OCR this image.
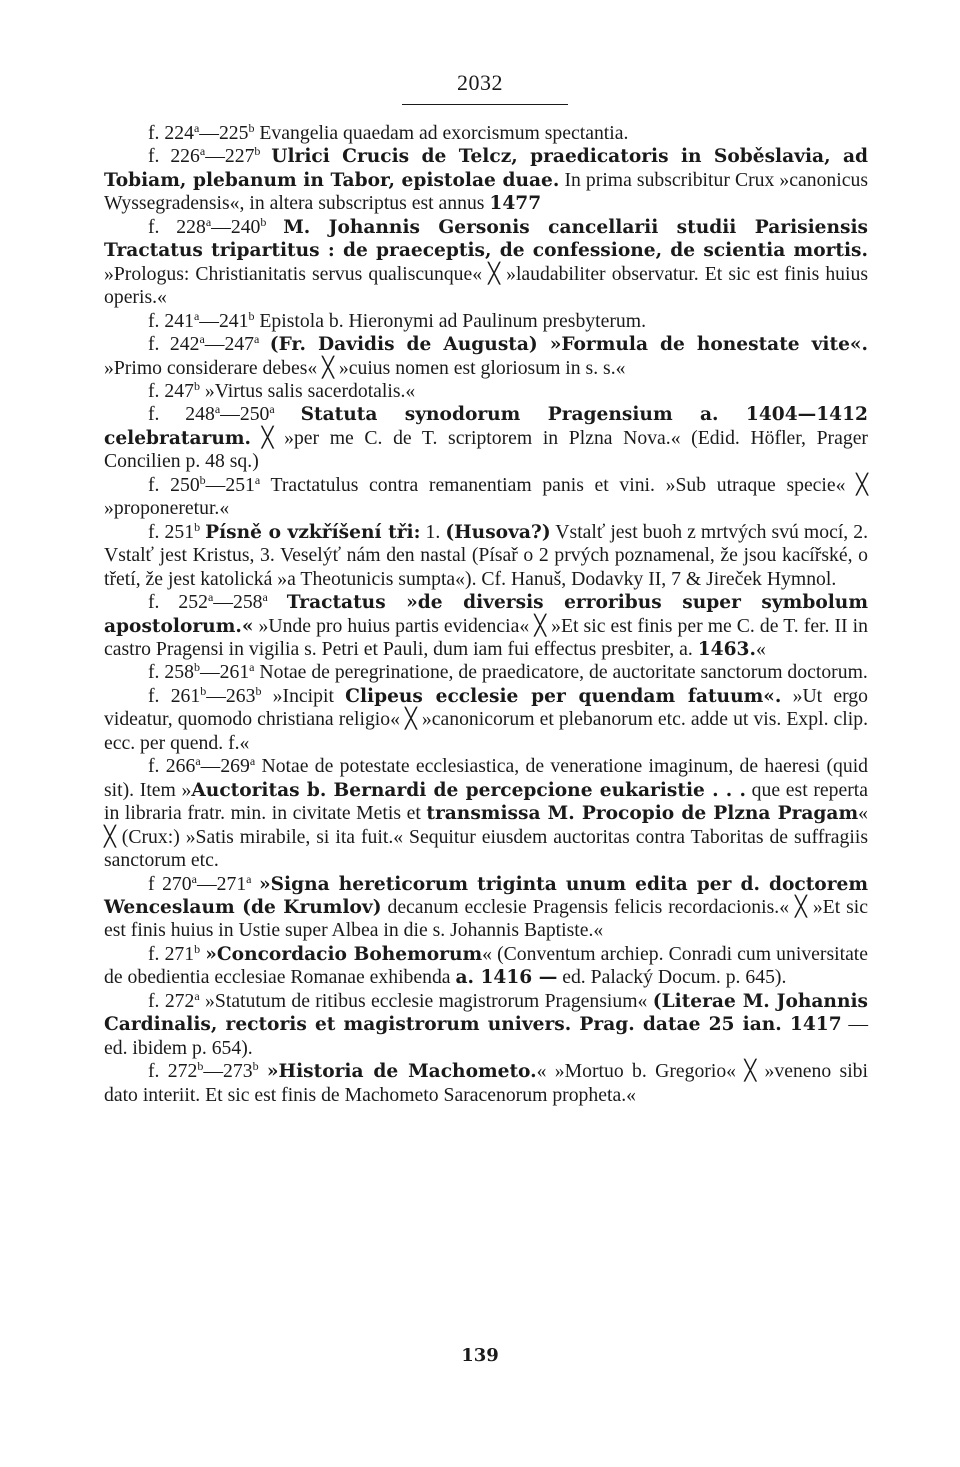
2032

f. 224$^a$—225$^b$ Evangelia quaedam ad exorcismum spectantia.

f. 226$^a$—227$^b$ Ulrici Crucis de Telcz, praedicatoris in Soběslavia, ad Tobiam, plebanum in Tabor, epistolae duae. In prima subscribitur Crux »canonicus Wyssegradensis«, in altera subscriptus est annus 1477

f. 228$^a$—240$^b$ M. Johannis Gersonis cancellarii studii Parisiensis Tractatus tripartitus : de praeceptis, de confessione, de scientia mortis. »Prologus: Christianitatis servus qualiscunque« ╳ »laudabiliter observatur. Et sic est finis huius operis.«

f. 241$^a$—241$^b$ Epistola b. Hieronymi ad Paulinum presbyterum.

f. 242$^a$—247$^a$ (Fr. Davidis de Augusta) »Formula de honestate vite«. »Primo considerare debes« ╳ »cuius nomen est gloriosum in s. s.«

f. 247$^b$ »Virtus salis sacerdotalis.«

f. 248$^a$—250$^a$ Statuta synodorum Pragensium a. 1404—1412 celebratarum. ╳ »per me C. de T. scriptorem in Plzna Nova.« (Edid. Höfler, Prager Concilien p. 48 sq.)

f. 250$^b$—251$^a$ Tractatulus contra remanentiam panis et vini. »Sub utraque specie« ╳ »proponeretur.«

f. 251$^b$ Písně o vzkříšení tři: 1. (Husova?) Vstalť jest buoh z mrtvých svú mocí, 2. Vstalť jest Kristus, 3. Veselýť nám den nastal (Písař o 2 prvých poznamenal, že jsou kacířské, o třetí, že jest katolická »a Theotunicis sumpta«). Cf. Hanuš, Dodavky II, 7 & Jireček Hymnol.

f. 252$^a$—258$^a$ Tractatus »de diversis erroribus super symbolum apostolorum.« »Unde pro huius partis evidencia« ╳ »Et sic est finis per me C. de T. fer. II in castro Pragensi in vigilia s. Petri et Pauli, dum iam fui effectus presbiter, a. 1463.«

f. 258$^b$—261$^a$ Notae de peregrinatione, de praedicatore, de auctoritate sanctorum doctorum.

f. 261$^b$—263$^b$ »Incipit Clipeus ecclesie per quendam fatuum«. »Ut ergo videatur, quomodo christiana religio« ╳ »canonicorum et plebanorum etc. adde ut vis. Expl. clip. ecc. per quend. f.«

f. 266$^a$—269$^a$ Notae de potestate ecclesiastica, de veneratione imaginum, de haeresi (quid sit). Item »Auctoritas b. Bernardi de percepcione eukaristie . . . que est reperta in libraria fratr. min. in civitate Metis et transmissa M. Procopio de Plzna Pragam« ╳ (Crux:) »Satis mirabile, si ita fuit.« Sequitur eiusdem auctoritas contra Taboritas de suffragiis sanctorum etc.

f 270$^a$—271$^a$ »Signa hereticorum triginta unum edita per d. doctorem Wenceslaum (de Krumlov) decanum ecclesie Pragensis felicis recordacionis.« ╳ »Et sic est finis huius in Ustie super Albea in die s. Johannis Baptiste.«

f. 271$^b$ »Concordacio Bohemorum« (Conventum archiep. Conradi cum universitate de obedientia ecclesiae Romanae exhibenda a. 1416 — ed. Palacký Docum. p. 645).

f. 272$^a$ »Statutum de ritibus ecclesie magistrorum Pragensium« (Literae M. Johannis Cardinalis, rectoris et magistrorum univers. Prag. datae 25 ian. 1417 — ed. ibidem p. 654).

f. 272$^b$—273$^b$ »Historia de Machometo.« »Mortuo b. Gregorio« ╳ »veneno sibi dato interiit. Et sic est finis de Machometo Saracenorum propheta.«

139
